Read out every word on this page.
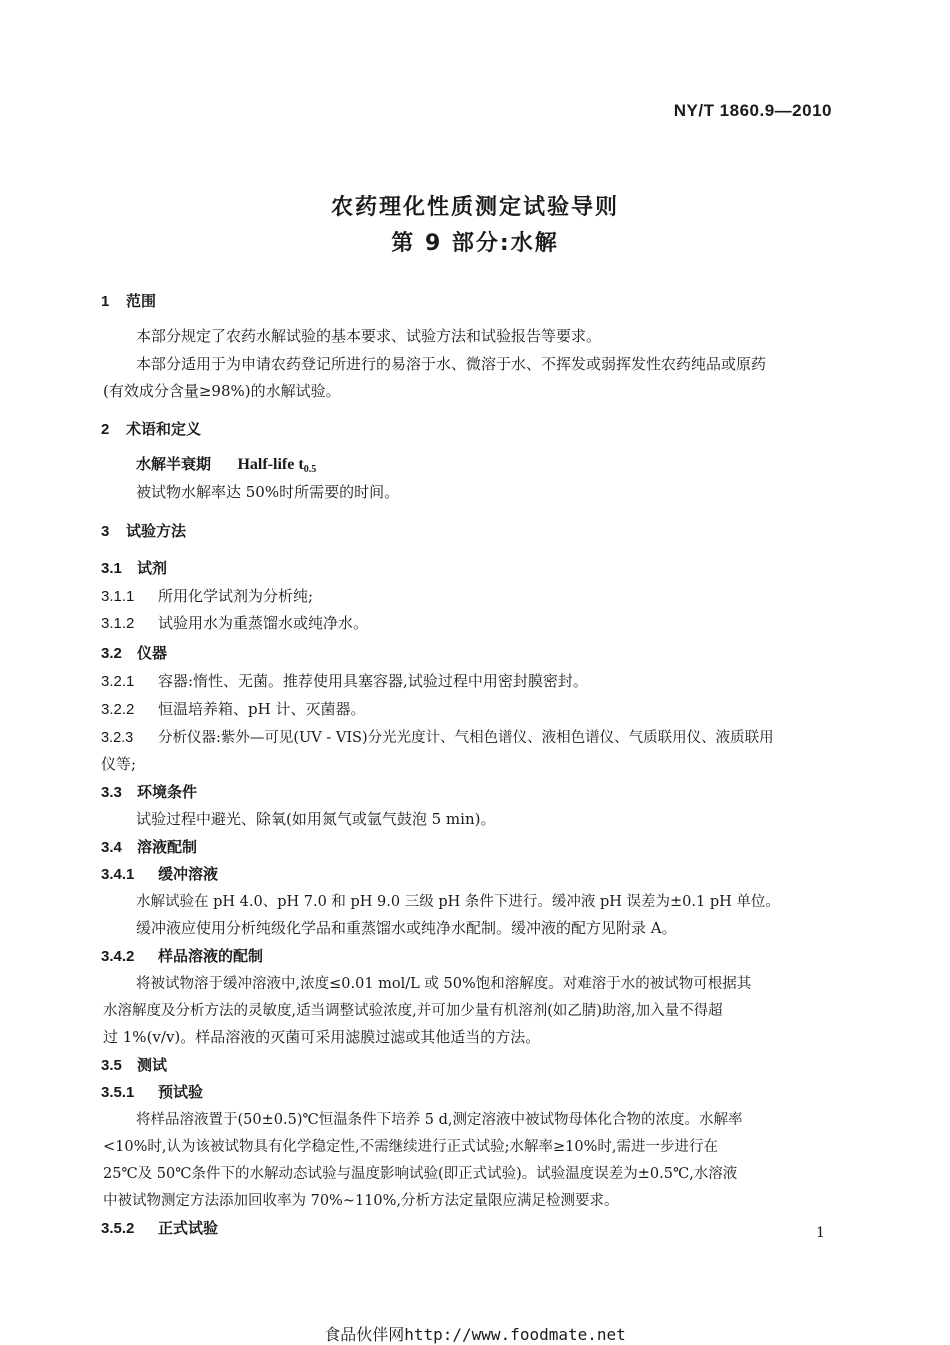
NY/T 1860.9—2010
农药理化性质测定试验导则
第 9 部分:水解
1 范围
本部分规定了农药水解试验的基本要求、试验方法和试验报告等要求。
本部分适用于为申请农药登记所进行的易溶于水、微溶于水、不挥发或弱挥发性农药纯品或原药
(有效成分含量≥98%)的水解试验。
2 术语和定义
水解半衰期 Half-life $t_{0.5}$
被试物水解率达 50%时所需要的时间。
3 试验方法
3.1 试剂
3.1.1 所用化学试剂为分析纯;
3.1.2 试验用水为重蒸馏水或纯净水。
3.2 仪器
3.2.1 容器:惰性、无菌。推荐使用具塞容器,试验过程中用密封膜密封。
3.2.2 恒温培养箱、pH 计、灭菌器。
3.2.3 分析仪器:紫外—可见(UV - VIS)分光光度计、气相色谱仪、液相色谱仪、气质联用仪、液质联用
仪等;
3.3 环境条件
试验过程中避光、除氧(如用氮气或氩气鼓泡 5 min)。
3.4 溶液配制
3.4.1 缓冲溶液
水解试验在 pH 4.0、pH 7.0 和 pH 9.0 三级 pH 条件下进行。缓冲液 pH 误差为±0.1 pH 单位。
缓冲液应使用分析纯级化学品和重蒸馏水或纯净水配制。缓冲液的配方见附录 A。
3.4.2 样品溶液的配制
将被试物溶于缓冲溶液中,浓度≤0.01 mol/L 或 50%饱和溶解度。对难溶于水的被试物可根据其
水溶解度及分析方法的灵敏度,适当调整试验浓度,并可加少量有机溶剂(如乙腈)助溶,加入量不得超
过 1%(v/v)。样品溶液的灭菌可采用滤膜过滤或其他适当的方法。
3.5 测试
3.5.1 预试验
将样品溶液置于(50±0.5)℃恒温条件下培养 5 d,测定溶液中被试物母体化合物的浓度。水解率
<10%时,认为该被试物具有化学稳定性,不需继续进行正式试验;水解率≥10%时,需进一步进行在
25℃及 50℃条件下的水解动态试验与温度影响试验(即正式试验)。试验温度误差为±0.5℃,水溶液
中被试物测定方法添加回收率为 70%~110%,分析方法定量限应满足检测要求。
3.5.2 正式试验	1
食品伙伴网http://www.foodmate.net
